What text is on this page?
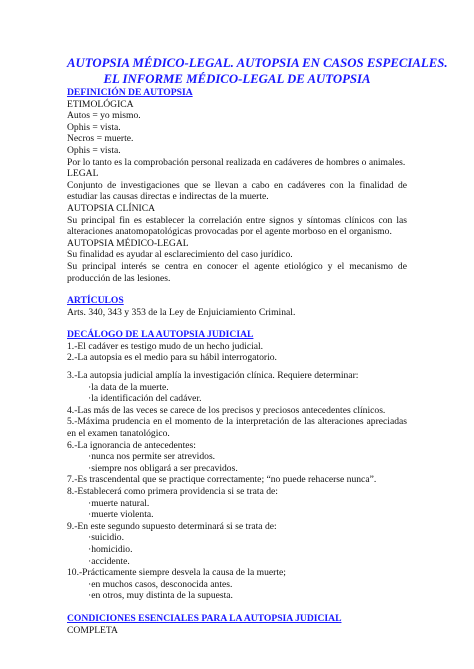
AUTOPSIA MÉDICO-LEGAL. AUTOPSIA EN CASOS ESPECIALES.
EL INFORME MÉDICO-LEGAL DE AUTOPSIA
DEFINICIÓN DE AUTOPSIA
ETIMOLÓGICA
Autos = yo mismo.
Ophis = vista.
Necros = muerte.
Ophis = vista.
Por lo tanto es la comprobación personal realizada en cadáveres de hombres o animales.
LEGAL
Conjunto de investigaciones que se llevan a cabo en cadáveres con la finalidad de estudiar las causas directas e indirectas de la muerte.
AUTOPSIA CLÍNICA
Su principal fin es establecer la correlación entre signos y síntomas clínicos con las alteraciones anatomopatológicas provocadas por el agente morboso en el organismo.
AUTOPSIA MÉDICO-LEGAL
Su finalidad es ayudar al esclarecimiento del caso jurídico.
Su principal interés se centra en conocer el agente etiológico y el mecanismo de producción de las lesiones.
ARTÍCULOS
Arts. 340, 343 y 353 de la Ley de Enjuiciamiento Criminal.
DECÁLOGO DE LA AUTOPSIA JUDICIAL
1.-El cadáver es testigo mudo de un hecho judicial.
2.-La autopsia es el medio para su hábil interrogatorio.
3.-La autopsia judicial amplía la investigación clínica. Requiere determinar:
·la data de la muerte.
·la identificación del cadáver.
4.-Las más de las veces se carece de los precisos y preciosos antecedentes clínicos.
5.-Máxima prudencia en el momento de la interpretación de las alteraciones apreciadas en el examen tanatológico.
6.-La ignorancia de antecedentes:
·nunca nos permite ser atrevidos.
·siempre nos obligará a ser precavidos.
7.-Es trascendental que se practique correctamente; “no puede rehacerse nunca”.
8.-Establecerá como primera providencia si se trata de:
·muerte natural.
·muerte violenta.
9.-En este segundo supuesto determinará si se trata de:
·suicidio.
·homicidio.
·accidente.
10.-Prácticamente siempre desvela la causa de la muerte;
·en muchos casos, desconocida antes.
·en otros, muy distinta de la supuesta.
CONDICIONES ESENCIALES PARA LA AUTOPSIA JUDICIAL
COMPLETA
